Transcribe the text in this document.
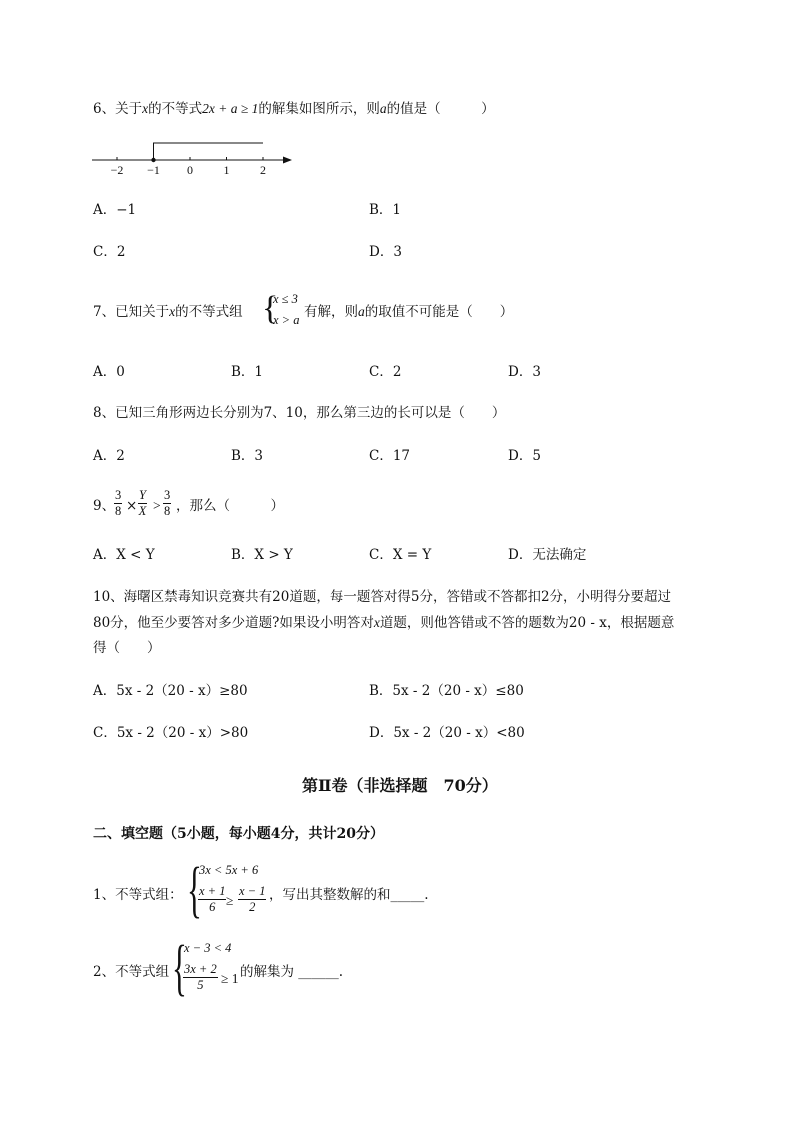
6、关于x的不等式2x + a ≥ 1的解集如图所示，则a的值是（　　　）
−2 −1 0	1	2
A．−1	B．1
C．2	D．3
7、已知关于x的不等式组 {
x ≤ 3
x > a 有解，则a的取值不可能是（　　）
A．0	B．1	C．2	D．3
8、已知三角形两边长分别为7、10，那么第三边的长可以是（　　）
A．2	B．3	C．17	D．5
9、
3
8 ×
Y
X >
3
8 ，那么（　　　）
A．X < Y	B．X > Y	C．X = Y	D．无法确定
10、海曙区禁毒知识竞赛共有20道题，每一题答对得5分，答错或不答都扣2分，小明得分要超过
80分，他至少要答对多少道题?如果设小明答对x道题，则他答错或不答的题数为20 - x，根据题意
得（　　）
A．5x - 2（20 - x）≥80	B．5x - 2（20 - x）≤80
C．5x - 2（20 - x）>80	D．5x - 2（20 - x）<80
第Ⅱ卷（非选择题　70分）
二、填空题（5小题，每小题4分，共计20分）
1、不等式组： {
3x < 5x + 6
x + 1
6 ≥
x − 1
2
，写出其整数解的和_____.
2、不等式组 {
x − 3 < 4
3x + 2
5	≥ 1 的解集为 ______.
